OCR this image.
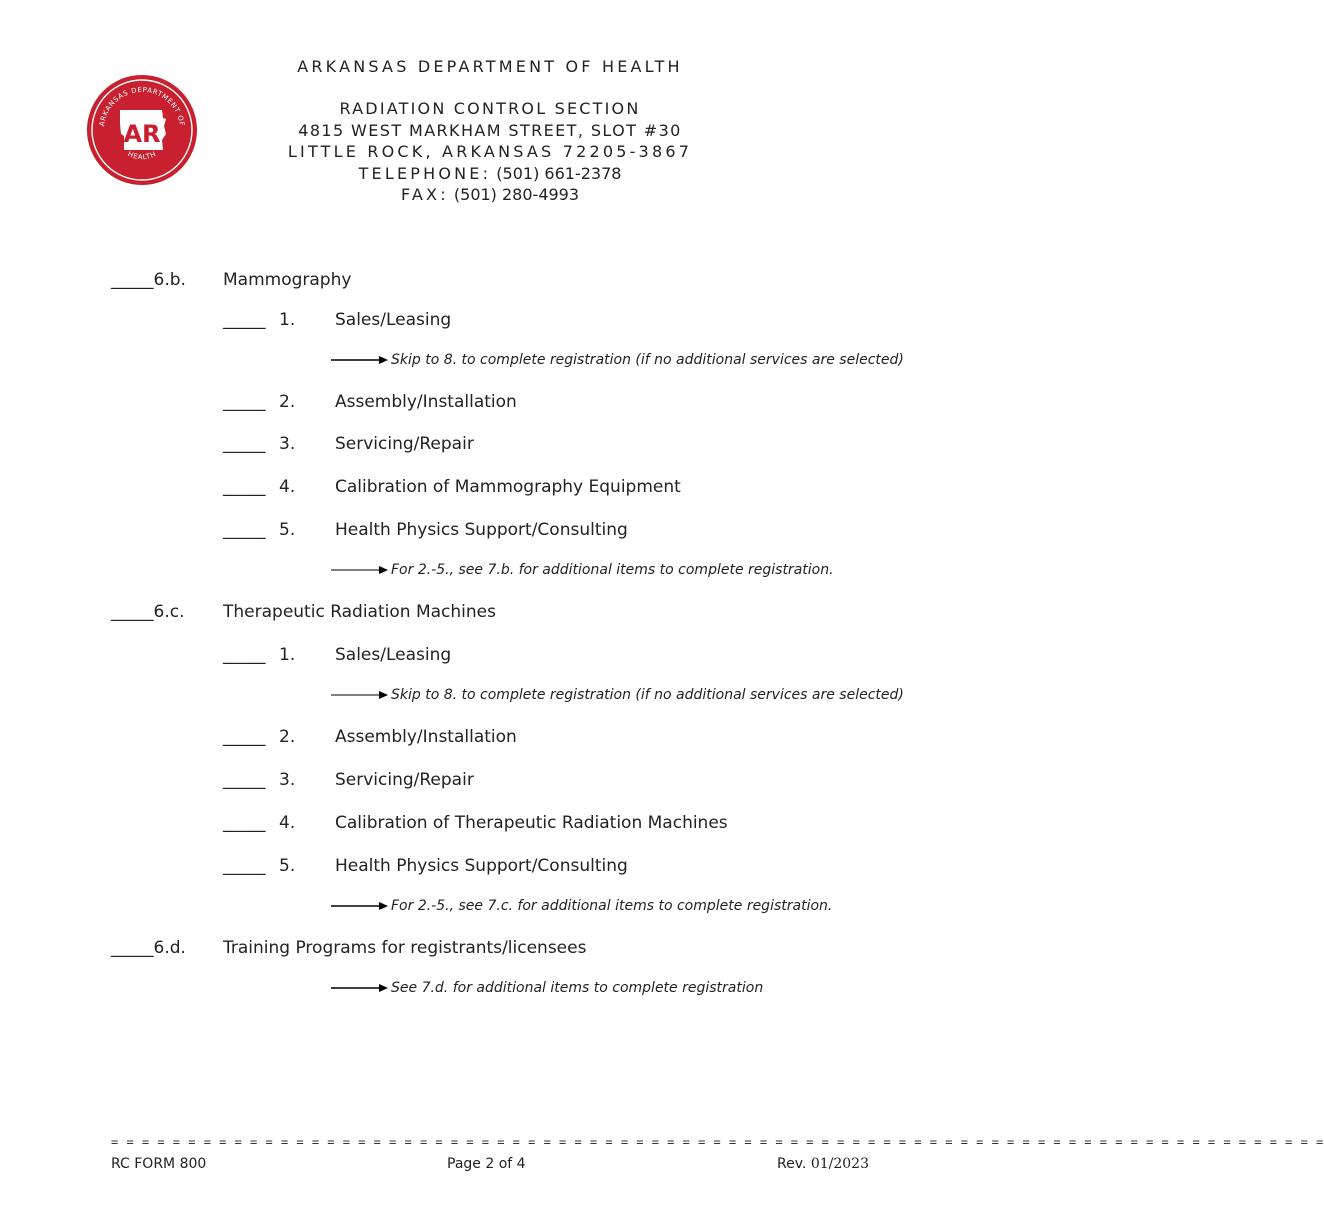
ARKANSAS DEPARTMENT OF
HEALTH
AR
ARKANSAS DEPARTMENT OF HEALTH
RADIATION CONTROL SECTION
4815 WEST MARKHAM STREET, SLOT #30
LITTLE ROCK, ARKANSAS 72205-3867
TELEPHONE: (501) 661-2378
FAX: (501) 280-4993
_____6.b.	Mammography
_____ 1. Sales/Leasing
Skip to 8. to complete registration (if no additional services are selected)
_____ 2. Assembly/Installation
_____ 3. Servicing/Repair
_____ 4. Calibration of Mammography Equipment
_____ 5. Health Physics Support/Consulting
For 2.-5., see 7.b. for additional items to complete registration.
_____6.c.	Therapeutic Radiation Machines
_____ 1. Sales/Leasing
Skip to 8. to complete registration (if no additional services are selected)
_____ 2. Assembly/Installation
_____ 3. Servicing/Repair
_____ 4. Calibration of Therapeutic Radiation Machines
_____ 5. Health Physics Support/Consulting
For 2.-5., see 7.c. for additional items to complete registration.
_____6.d.	Training Programs for registrants/licensees
See 7.d. for additional items to complete registration
= = = = = = = = = = = = = = = = = = = = = = = = = = = = = = = = = = = = = = = = = = = = = = = = = = = = = = = = = = = = = = = = = = = = = = = = = = = = = = =
RC FORM 800	Page 2 of 4	Rev. 01/2023
